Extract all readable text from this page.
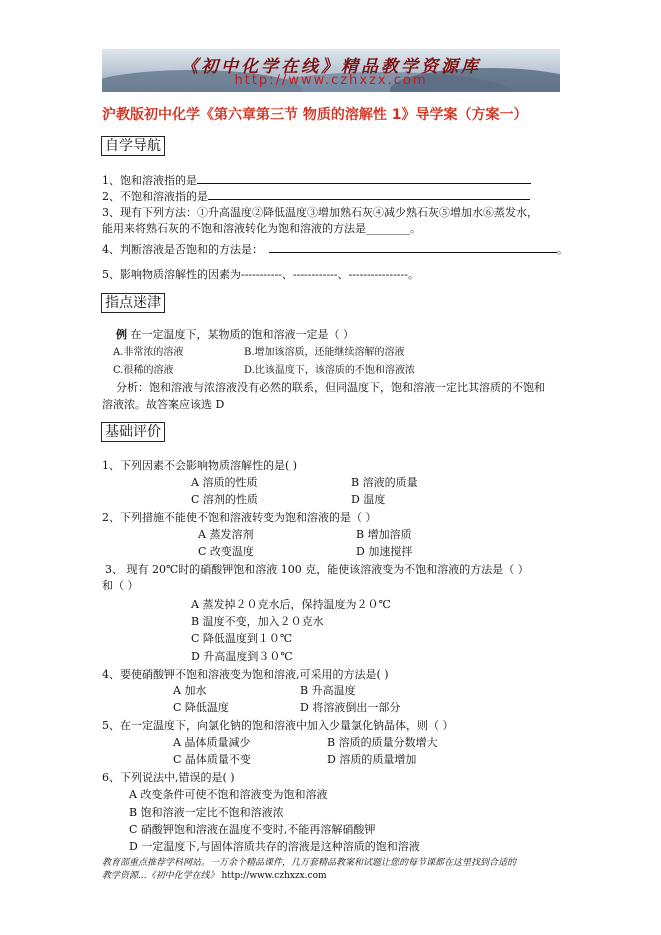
《初中化学在线》精品教学资源库
http://www.czhxzx.com
沪教版初中化学《第六章第三节 物质的溶解性 1》导学案（方案一）
自学导航
1、饱和溶液指的是
2、不饱和溶液指的是
3、现有下列方法：①升高温度②降低温度③增加熟石灰④减少熟石灰⑤增加水⑥蒸发水，
能用来将熟石灰的不饱和溶液转化为饱和溶液的方法是________。
4、判断溶液是否饱和的方法是：	。
5、影响物质溶解性的因素为-----------、------------、----------------。
指点迷津
例 在一定温度下，某物质的饱和溶液一定是（ ）
A.非常浓的溶液	B.增加该溶质，还能继续溶解的溶液
C.很稀的溶液	D.比该温度下，该溶质的不饱和溶液浓
分析：饱和溶液与浓溶液没有必然的联系，但同温度下，饱和溶液一定比其溶质的不饱和
溶液浓。故答案应该选 D
基础评价
1、下列因素不会影响物质溶解性的是( )
A 溶质的性质	B 溶液的质量
C 溶剂的性质	D 温度
2、下列措施不能使不饱和溶液转变为饱和溶液的是（ ）
A 蒸发溶剂	B 增加溶质
C 改变温度	D 加速搅拌
3、 现有 20℃时的硝酸钾饱和溶液 100 克，能使该溶液变为不饱和溶液的方法是（ ）
和（ ）
A 蒸发掉２０克水后，保持温度为２０℃
B 温度不变，加入２０克水
C 降低温度到１０℃
D 升高温度到３０℃
4、要使硝酸钾不饱和溶液变为饱和溶液,可采用的方法是( )
A 加水	B 升高温度
C 降低温度	D 将溶液倒出一部分
5、在一定温度下，向氯化钠的饱和溶液中加入少量氯化钠晶体，则（ ）
A 晶体质量减少	B 溶质的质量分数增大
C 晶体质量不变	D 溶质的质量增加
6、下列说法中,错误的是( )
A 改变条件可使不饱和溶液变为饱和溶液
B 饱和溶液一定比不饱和溶液浓
C 硝酸钾饱和溶液在温度不变时,不能再溶解硝酸钾
D 一定温度下,与固体溶质共存的溶液是这种溶质的饱和溶液
教育部重点推荐学科网站。一万余个精品课件，几万套精品教案和试题让您的每节课都在这里找到合适的
教学资源...《初中化学在线》 http://www.czhxzx.com
